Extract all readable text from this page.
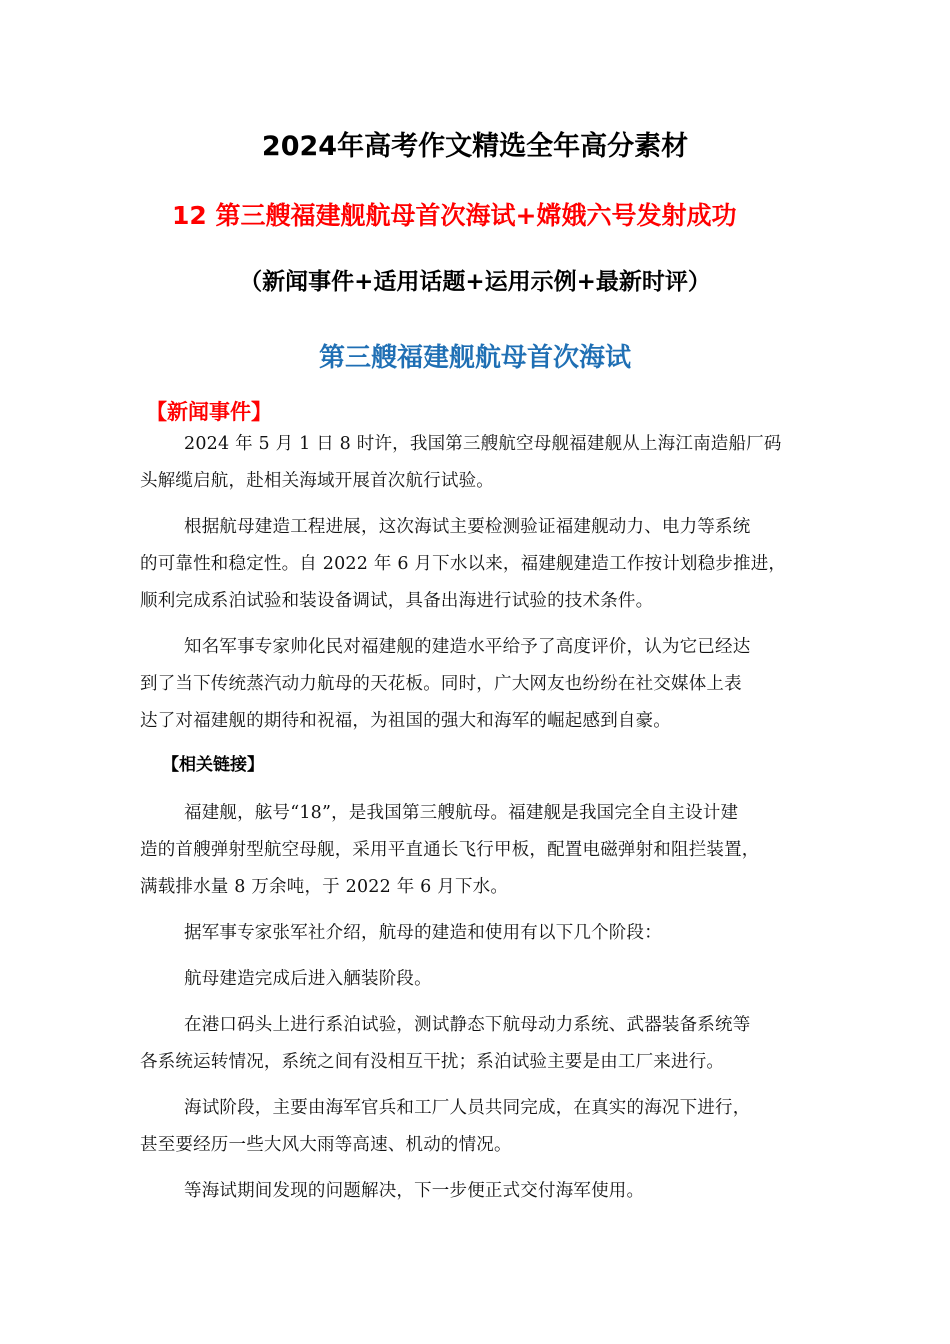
2024年高考作文精选全年高分素材
12 第三艘福建舰航母首次海试+嫦娥六号发射成功
（新闻事件+适用话题+运用示例+最新时评）
第三艘福建舰航母首次海试
【新闻事件】
2024 年 5 月 1 日 8 时许，我国第三艘航空母舰福建舰从上海江南造船厂码
头解缆启航，赴相关海域开展首次航行试验。
根据航母建造工程进展，这次海试主要检测验证福建舰动力、电力等系统
的可靠性和稳定性。自 2022 年 6 月下水以来，福建舰建造工作按计划稳步推进，
顺利完成系泊试验和装设备调试，具备出海进行试验的技术条件。
知名军事专家帅化民对福建舰的建造水平给予了高度评价，认为它已经达
到了当下传统蒸汽动力航母的天花板。同时，广大网友也纷纷在社交媒体上表
达了对福建舰的期待和祝福，为祖国的强大和海军的崛起感到自豪。
【相关链接】
福建舰，舷号“18”，是我国第三艘航母。福建舰是我国完全自主设计建
造的首艘弹射型航空母舰，采用平直通长飞行甲板，配置电磁弹射和阻拦装置，
满载排水量 8 万余吨，于 2022 年 6 月下水。
据军事专家张军社介绍，航母的建造和使用有以下几个阶段：
航母建造完成后进入舾装阶段。
在港口码头上进行系泊试验，测试静态下航母动力系统、武器装备系统等
各系统运转情况，系统之间有没相互干扰；系泊试验主要是由工厂来进行。
海试阶段，主要由海军官兵和工厂人员共同完成，在真实的海况下进行，
甚至要经历一些大风大雨等高速、机动的情况。
等海试期间发现的问题解决，下一步便正式交付海军使用。
